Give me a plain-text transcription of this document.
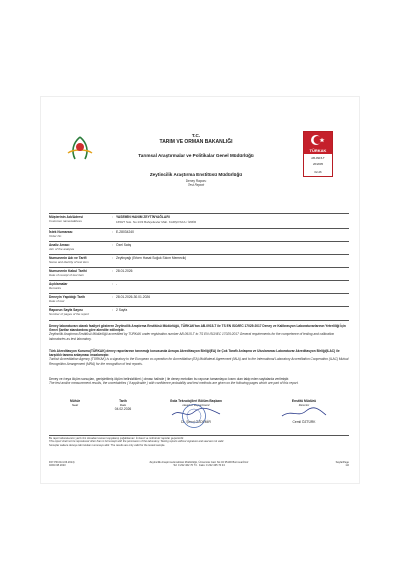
T.C.
TARIM VE ORMAN BAKANLIĞI
Tarımsal Araştırmalar ve Politikalar Genel Müdürlüğü
Zeytincilik Araştırma Enstitüsü Müdürlüğü
Deney Raporu
Test Report
TÜRKAK
AB-0915-T
26/2005
02-26
Müşterinin Adı/Adresi
Customer name/address
: YASEMİN HANIM ZEYTİNYAĞLARI
1650/7 Sok. No:13/3 Bahçelievler Mah. KARŞIYAKA / İZMİR
İstek Numarası
Order No
: E-28034240
Analiz Amacı
Aim of the analysis
: Özel Satış
Numunenin Adı ve Tarifi
Name and identity of test item
: Zeytinyağı (Erken Hasat Soğuk Sıkım Memecik)
Numunenin Kabul Tarihi
Date of receipt of test item
: 28.01.2026
Açıklamalar
Remarks
: -
Deneyin Yapıldığı Tarih
Date of test
: 28.01.2026-30.01.2026
Raporun Sayfa Sayısı
Number of pages of the report
: 2 Sayfa
Deney laboratuvarı olarak faaliyet gösteren Zeytincilik Araştırma Enstitüsü Müdürlüğü, TÜRKAK'tan AB-0915-T ile TS EN ISO/IEC 17025:2017 Deney ve Kalibrasyon Laboratuvarlarının Yeterliliği İçin Genel Şartlar standardına göre akredite edilmiştir.
Zeytincilik Araştırma Enstitüsü Müdürlüğü accredited by TÜRKAK under registration number AB-0915-T to TS EN ISO/IEC 17025:2017 General requirements for the competence of testing and calibration laboratories as test laboratory.
Türk Akreditasyon Kurumu(TÜRKAK) deney raporlarının tanınmığı konusunda Avrupa Akreditasyon Birliği(EA) ile Çok Taraflı Anlaşma ve Uluslararası Laboratuvar Akreditasyon Birliği(ILAC) ile karşılıklı tanıma anlaşması imzalamıştır.
Turkish Accreditation Agency (TÜRKAK) is a signatory to the European co-operation for Accreditation (EA) Multilateral Agreement (MLA) and to the International Laboratory Accreditation Cooperation (ILAC) Mutual Recognition Arrangement (MRA) for the recognition of test reports.
Deney ve /veya ölçüm sonuçları, genişletilmiş ölçüm belirsizlikleri ( olması halinde ) ile deney metotları bu raporun tamamlayıcı kısmı olan takip eden sayfalarda verilmiştir.
The test and/or measurement results, the uncertainties ( if applicable ) with confidence probability and test methods are given on the following pages which are part of this report.
Mühür
Seal
Tarih
Date
04.02.2026
Gıda Teknolojileri Bölüm Başkanı
Head of Department
Dr. Şenol ÖZDEMİR
Enstitü Müdürü
Director
Cemil ÖZTÜRK
Bu rapor laboratuvarın yazılı izni olmadan kısmen kopyalanıp çoğaltılamaz. İmzasız ve mühürsüz raporlar geçersizdir.
This report shall not be reproduced other than in full except with the permission of the laboratory. Testing reports without signature and seal are not valid.
Sonuçlar sadece deneye tabi tutulan numuneye aittir. The results are only valid for the tested sample.
Zeytincilik Araştırma Enstitüsü Müdürlüğü, Üniversite Cad. No:43 35100 Bornova/İzmir
Tel: 0 232 462 70 73 · Faks: 0 232 435 70 43
F07.PR.01/4.06.2014)
02/03.08.2023
Sayfa/Page
1/2
